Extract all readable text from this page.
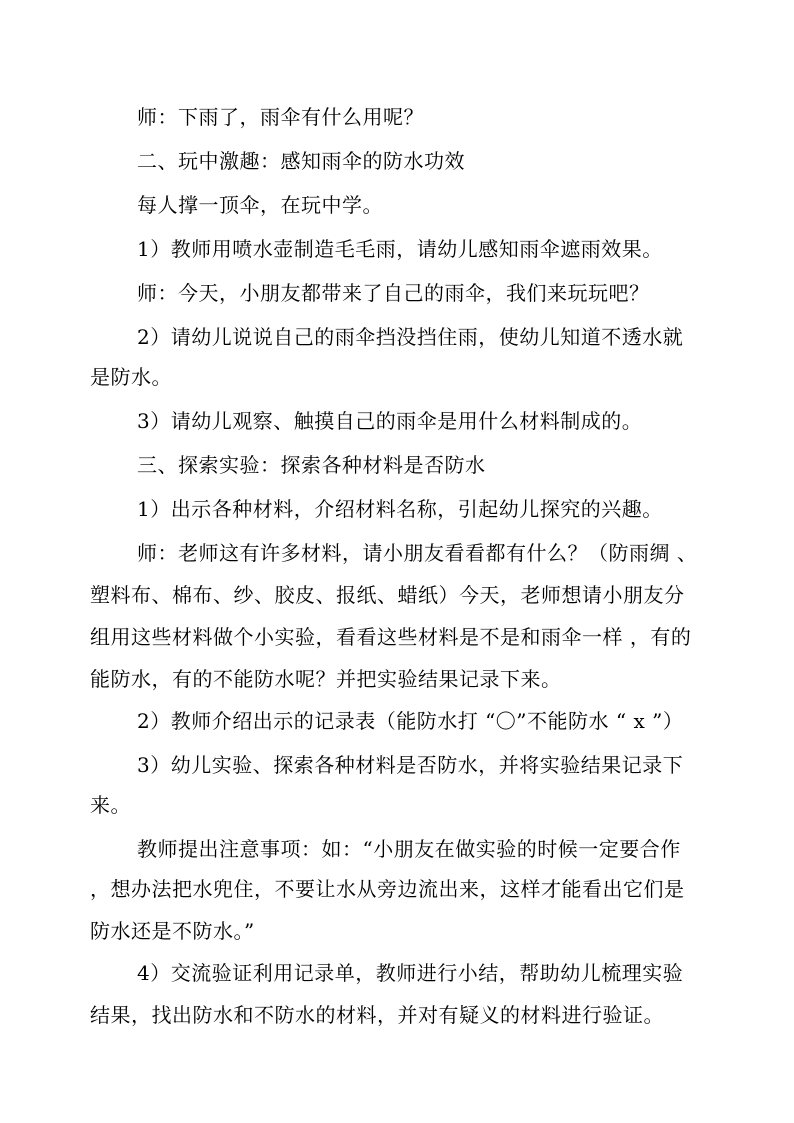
师：下雨了，雨伞有什么用呢？
二、玩中激趣：感知雨伞的防水功效
每人撑一顶伞，在玩中学。
1）教师用喷水壶制造毛毛雨，请幼儿感知雨伞遮雨效果。
师：今天，小朋友都带来了自己的雨伞，我们来玩玩吧？
2）请幼儿说说自己的雨伞挡没挡住雨，使幼儿知道不透水就
是防水。
3）请幼儿观察、触摸自己的雨伞是用什么材料制成的。
三、探索实验：探索各种材料是否防水
1）出示各种材料，介绍材料名称，引起幼儿探究的兴趣。
师：老师这有许多材料，请小朋友看看都有什么？（防雨绸 、
塑料布、棉布、纱、胶皮、报纸、蜡纸）今天，老师想请小朋友分
组用这些材料做个小实验，看看这些材料是不是和雨伞一样 ，有的
能防水，有的不能防水呢？并把实验结果记录下来。
2）教师介绍出示的记录表（能防水打 “〇”不能防水 “ x ”）
3）幼儿实验、探索各种材料是否防水，并将实验结果记录下
来。
教师提出注意事项：如：“小朋友在做实验的时候一定要合作
，想办法把水兜住，不要让水从旁边流出来，这样才能看出它们是
防水还是不防水。”
4）交流验证利用记录单，教师进行小结，帮助幼儿梳理实验
结果，找出防水和不防水的材料，并对有疑义的材料进行验证。
